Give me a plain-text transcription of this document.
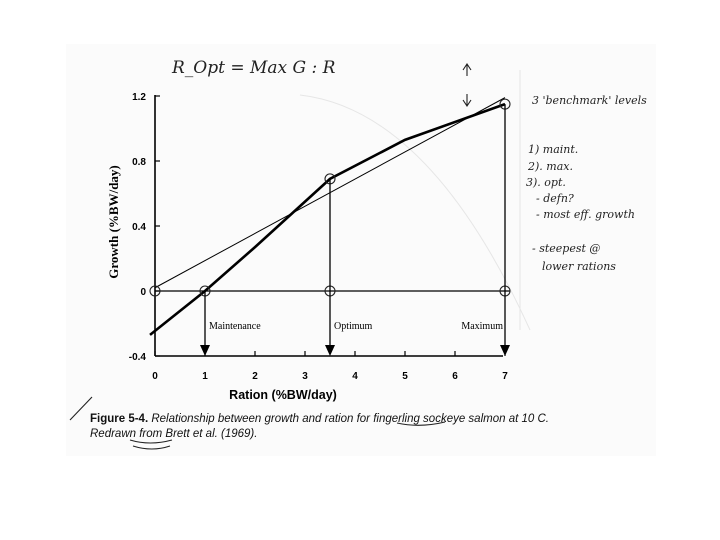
0	1	2	3	4	5	6	7
1.2
0.8
0.4
0
-0.4
Maintenance	Optimum	Maximum
Ration (%BW/day)
Growth (%BW/day)
R_Opt = Max G : R
3 'benchmark' levels
1) maint.
2). max.
3). opt.
- defn?
- most eff. growth
- steepest @
lower rations
Figure 5-4. Relationship between growth and ration for fingerling sockeye salmon at 10 C. Redrawn from Brett et al. (1969).
